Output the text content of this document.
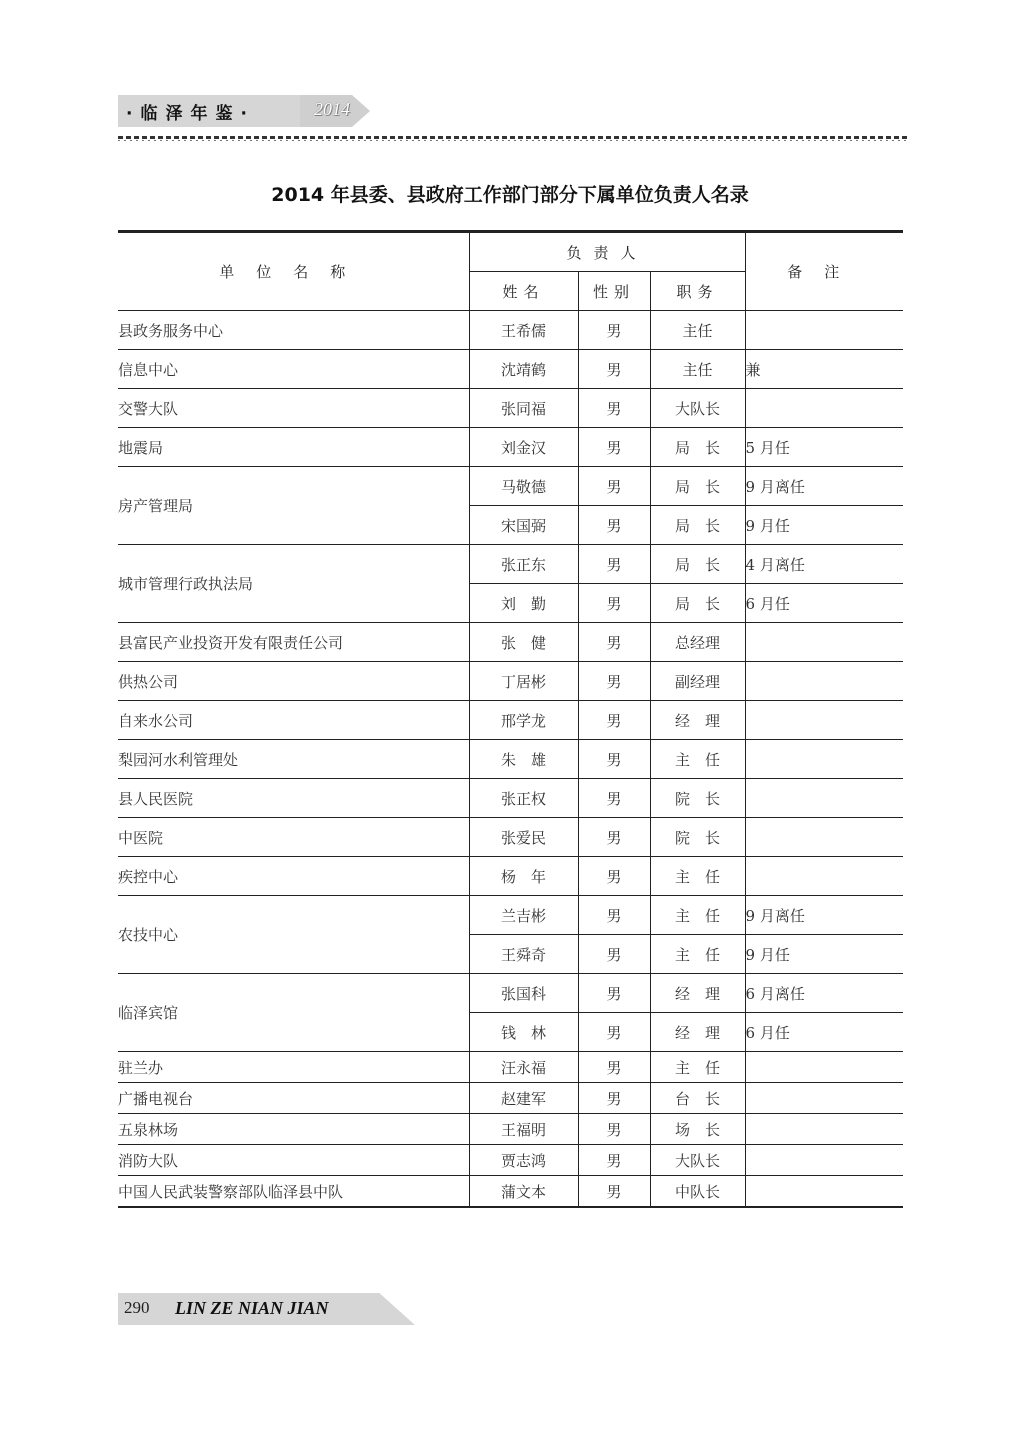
·临泽年鉴·	2014
2014 年县委、县政府工作部门部分下属单位负责人名录
单位名称	负责人			备注
	姓名	性别	职务	
县政务服务中心	王希儒	男	主任	
信息中心	沈靖鹤	男	主任	兼
交警大队	张同福	男	大队长	
地震局	刘金汉	男	局　长	5 月任
房产管理局	马敬德	男	局　长	9 月离任
	宋国弼	男	局　长	9 月任
城市管理行政执法局	张正东	男	局　长	4 月离任
	刘　勤	男	局　长	6 月任
县富民产业投资开发有限责任公司	张　健	男	总经理	
供热公司	丁居彬	男	副经理	
自来水公司	邢学龙	男	经　理	
梨园河水利管理处	朱　雄	男	主　任	
县人民医院	张正权	男	院　长	
中医院	张爱民	男	院　长	
疾控中心	杨　年	男	主　任	
农技中心	兰吉彬	男	主　任	9 月离任
	王舜奇	男	主　任	9 月任
临泽宾馆	张国科	男	经　理	6 月离任
	钱　林	男	经　理	6 月任
驻兰办	汪永福	男	主　任	
广播电视台	赵建军	男	台　长	
五泉林场	王福明	男	场　长	
消防大队	贾志鸿	男	大队长	
中国人民武装警察部队临泽县中队	蒲文本	男	中队长	
290 LIN ZE NIAN JIAN
